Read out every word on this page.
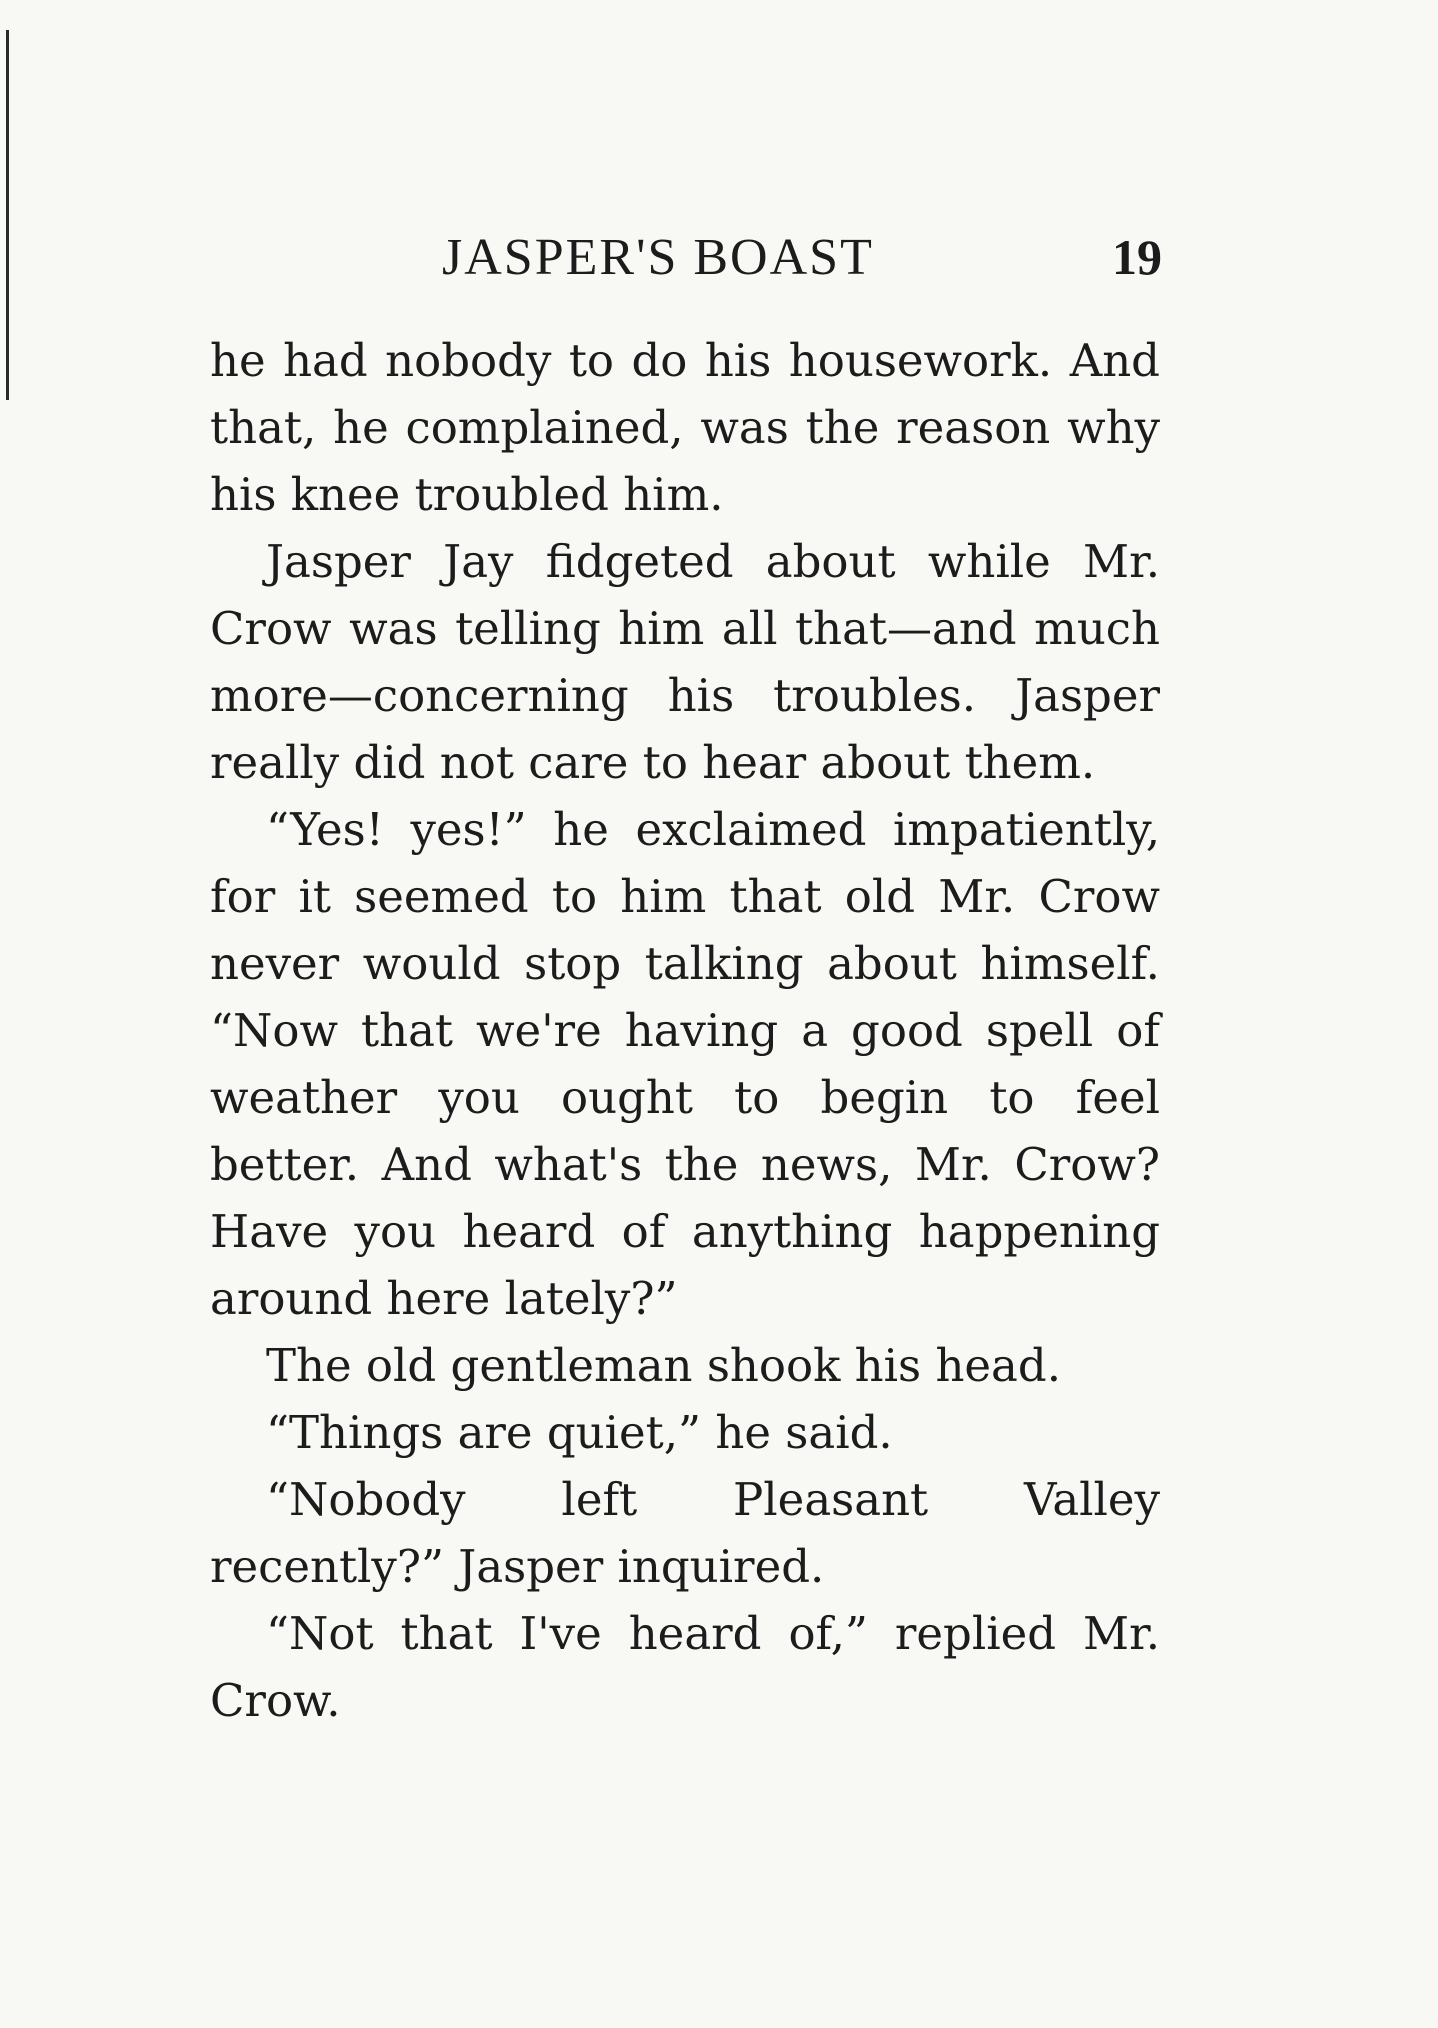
JASPER'S BOAST	19

he had nobody to do his housework. And that, he complained, was the reason why his knee troubled him.

Jasper Jay fidgeted about while Mr. Crow was telling him all that—and much more—concerning his troubles. Jasper really did not care to hear about them.

“Yes! yes!” he exclaimed impatiently, for it seemed to him that old Mr. Crow never would stop talking about himself. “Now that we're having a good spell of weather you ought to begin to feel better. And what's the news, Mr. Crow? Have you heard of anything happening around here lately?”

The old gentleman shook his head.

“Things are quiet,” he said.

“Nobody left Pleasant Valley recently?” Jasper inquired.

“Not that I've heard of,” replied Mr. Crow.
